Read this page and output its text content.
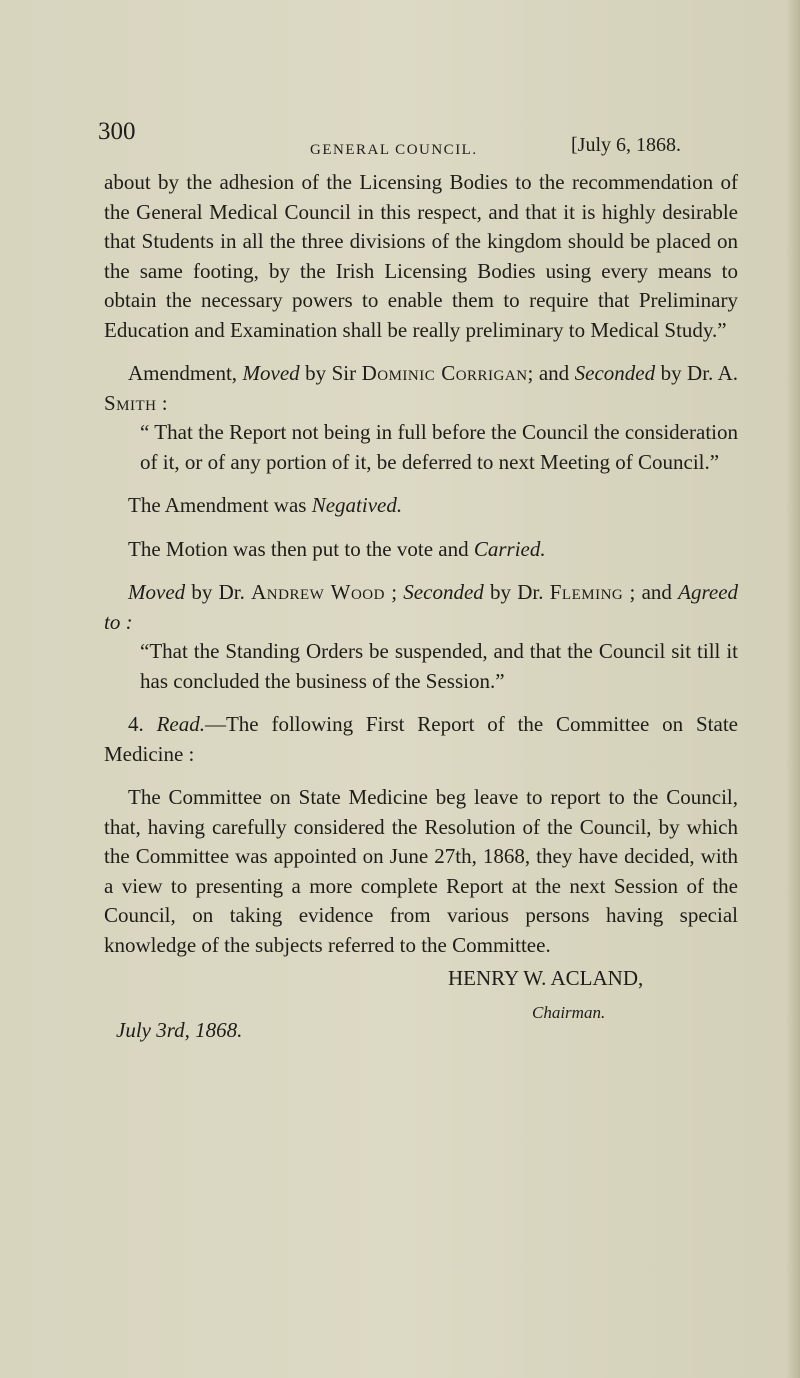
300
GENERAL COUNCIL.	[July 6, 1868.

about by the adhesion of the Licensing Bodies to the recommendation of the General Medical Council in this respect, and that it is highly desirable that Students in all the three divisions of the kingdom should be placed on the same footing, by the Irish Licensing Bodies using every means to obtain the necessary powers to enable them to require that Preliminary Education and Examination shall be really preliminary to Medical Study.”

Amendment, Moved by Sir Dominic Corrigan; and Seconded by Dr. A. Smith :

“ That the Report not being in full before the Council the consideration of it, or of any portion of it, be deferred to next Meeting of Council.”

The Amendment was Negatived.

The Motion was then put to the vote and Carried.

Moved by Dr. Andrew Wood ; Seconded by Dr. Fleming ; and Agreed to :

“That the Standing Orders be suspended, and that the Council sit till it has concluded the business of the Session.”

4. Read.—The following First Report of the Committee on State Medicine :

The Committee on State Medicine beg leave to report to the Council, that, having carefully considered the Resolution of the Council, by which the Committee was appointed on June 27th, 1868, they have decided, with a view to presenting a more complete Report at the next Session of the Council, on taking evidence from various persons having special knowledge of the subjects referred to the Committee.

HENRY W. ACLAND,
Chairman.
July 3rd, 1868.
